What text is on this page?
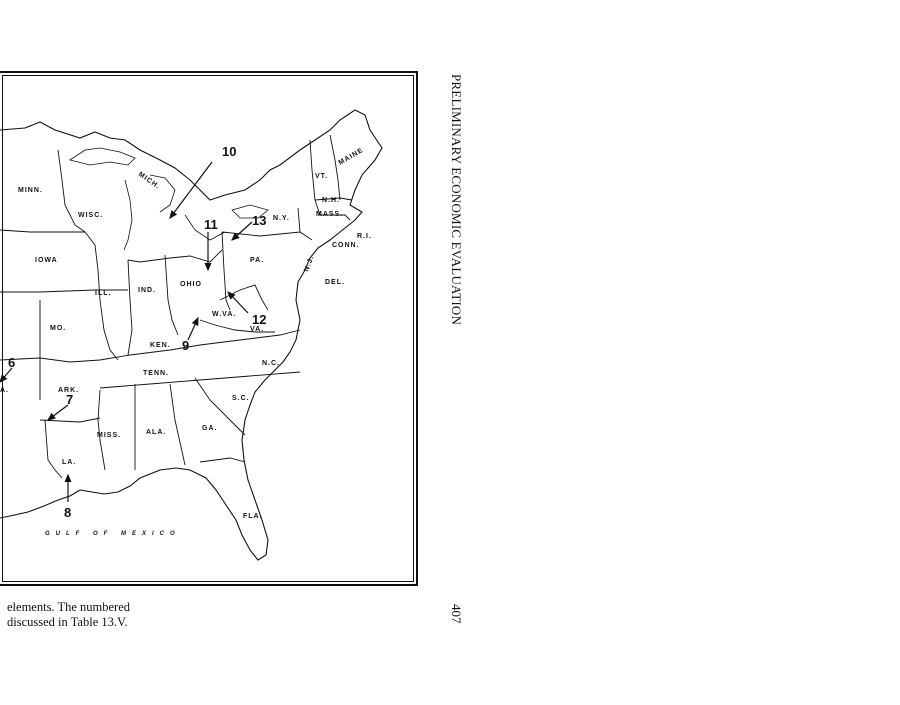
MINN.
WISC.
MICH.
IOWA
ILL.	IND.
OHIO
PA.
N.Y.
VT.
MAINE
N.H.
MASS.
R.I.
CONN.
N.J.
DEL.
W.VA.
VA.
MO.
KEN.
N.C.
TENN.
ARK.
S.C.
MISS.	ALA.
GA.
LA.
FLA.
A.
GULF OF MEXICO
6
7
8
9
10
11
12
13	PRELIMINARY ECONOMIC EVALUATION
407
elements. The numbered
discussed in Table 13.V.
